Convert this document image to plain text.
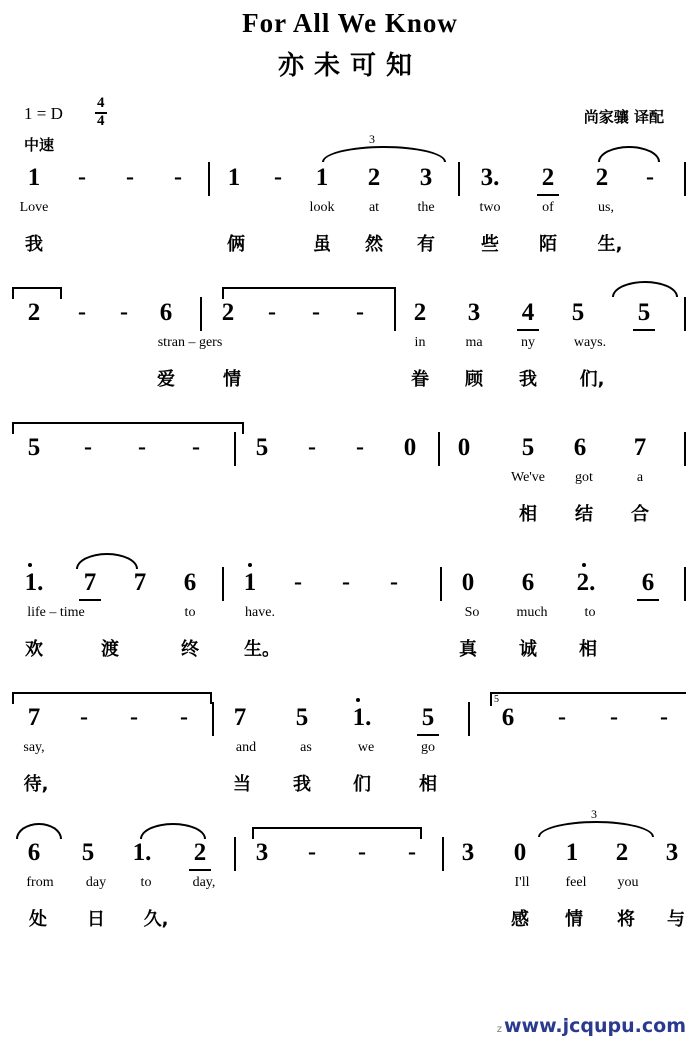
For All We Know
亦未可知
1 = D $\frac{4}{4}$
中速
尚家骧 译配
3
1 - - - 1 - 1 2 3 3. 2 2 -
Love	look at	the	two	of	us,
我	俩	虽 然 有	些 陌 生,
2 - - 6 2 - - - 2 3 4 5 5
stran – gers	in	ma	ny	ways.
爱	情	眷 顾 我 们,
5 - - - 5 - - 0 0 5 6 7
We've got	a
相 结 合
1. 7 7 6 1 - - -	0 6 2. 6
life – time	to	have.	So	much	to
欢	渡	终	生。	真 诚 相
5
7 - - - 7 5 1. 5	6 - - -
say,	and	as	we	go
待,	当 我 们	相
3
6 5 1. 2 3 - - - 3 0 1 2 3
from day to	day,	I'll	feel you
处 日 久,	感 情 将 与
z www.jcqupu.com
